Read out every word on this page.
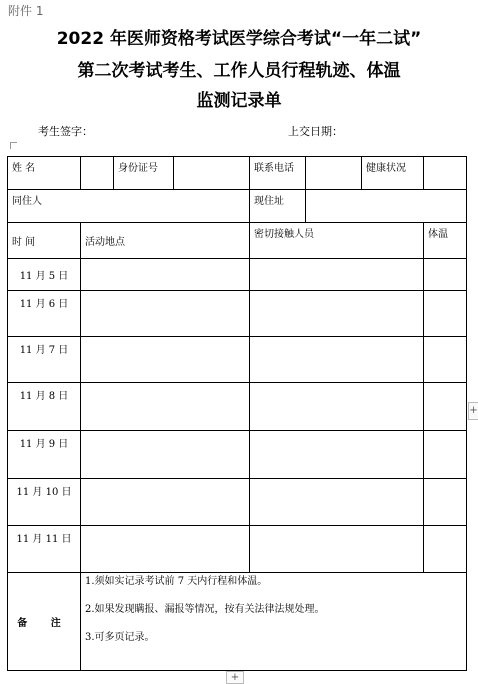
附件 1
2022 年医师资格考试医学综合考试“一年二试”
第二次考试考生、工作人员行程轨迹、体温
监测记录单
考生签字：	上交日期：
姓 名		身份证号		联系电话		健康状况	
同住人				现住址			
时 间	活动地点			密切接触人员			体温
11 月 5 日							
11 月 6 日							
11 月 7 日							
11 月 8 日							
11 月 9 日							
11 月 10 日							
11 月 11 日							
备 注	1.须如实记录考试前 7 天内行程和体温。
2.如果发现瞒报、漏报等情况，按有关法律法规处理。
3.可多页记录。						
+
+
